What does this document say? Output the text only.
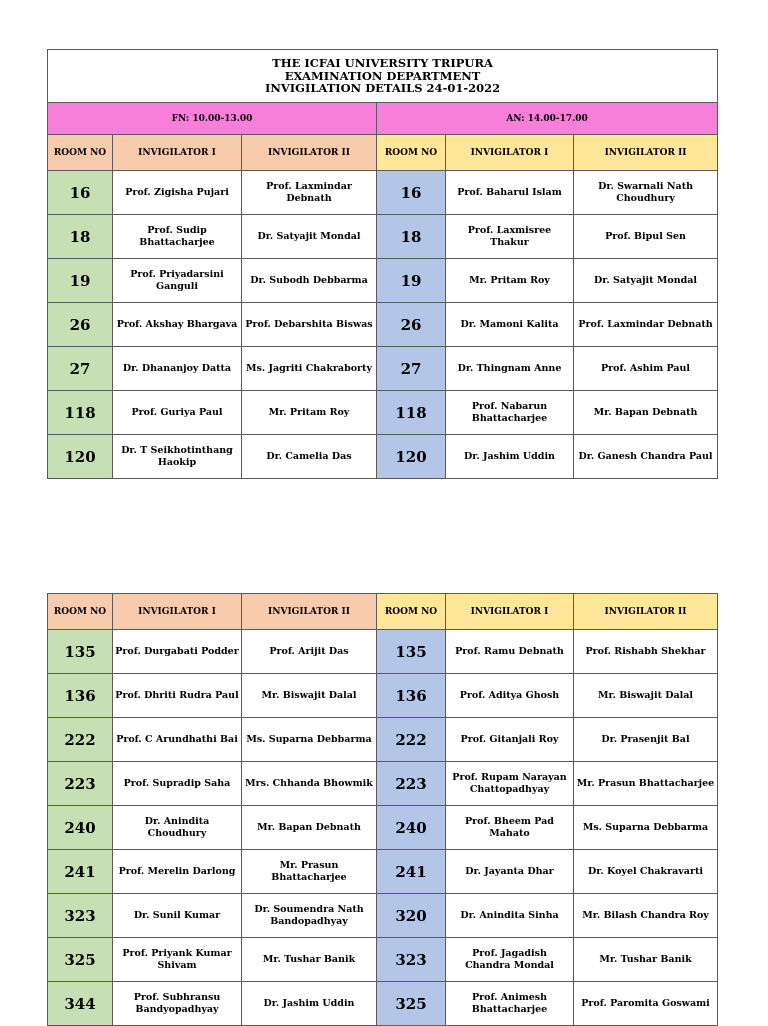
THE ICFAI UNIVERSITY TRIPURA
EXAMINATION DEPARTMENT
INVIGILATION DETAILS 24-01-2022					

FN: 10.00-13.00			AN: 14.00-17.00		
ROOM NO	INVIGILATOR I	INVIGILATOR II	ROOM NO	INVIGILATOR I	INVIGILATOR II
16	Prof. Zigisha Pujari	Prof. Laxmindar Debnath	16	Prof. Baharul Islam	Dr. Swarnali Nath Choudhury
18	Prof. Sudip Bhattacharjee	Dr. Satyajit Mondal	18	Prof. Laxmisree Thakur	Prof. Bipul Sen
19	Prof. Priyadarsini Ganguli	Dr. Subodh Debbarma	19	Mr. Pritam Roy	Dr. Satyajit Mondal
26	Prof. Akshay Bhargava	Prof. Debarshita Biswas	26	Dr. Mamoni Kalita	Prof. Laxmindar Debnath
27	Dr. Dhananjoy Datta	Ms. Jagriti Chakraborty	27	Dr. Thingnam Anne	Prof. Ashim Paul
118	Prof. Guriya Paul	Mr. Pritam Roy	118	Prof. Nabarun Bhattacharjee	Mr. Bapan Debnath
120	Dr. T Seikhotinthang Haokip	Dr. Camelia Das	120	Dr. Jashim Uddin	Dr. Ganesh Chandra Paul
ROOM NO	INVIGILATOR I	INVIGILATOR II	ROOM NO	INVIGILATOR I	INVIGILATOR II
135	Prof. Durgabati Podder	Prof. Arijit Das	135	Prof. Ramu Debnath	Prof. Rishabh Shekhar
136	Prof. Dhriti Rudra Paul	Mr. Biswajit Dalal	136	Prof. Aditya Ghosh	Mr. Biswajit Dalal
222	Prof. C Arundhathi Bai	Ms. Suparna Debbarma	222	Prof. Gitanjali Roy	Dr. Prasenjit Bal
223	Prof. Supradip Saha	Mrs. Chhanda Bhowmik	223	Prof. Rupam Narayan Chattopadhyay	Mr. Prasun Bhattacharjee
240	Dr. Anindita Choudhury	Mr. Bapan Debnath	240	Prof. Bheem Pad Mahato	Ms. Suparna Debbarma
241	Prof. Merelin Darlong	Mr. Prasun Bhattacharjee	241	Dr. Jayanta Dhar	Dr. Koyel Chakravarti
323	Dr. Sunil Kumar	Dr. Soumendra Nath Bandopadhyay	320	Dr. Anindita Sinha	Mr. Bilash Chandra Roy
325	Prof. Priyank Kumar Shivam	Mr. Tushar Banik	323	Prof. Jagadish Chandra Mondal	Mr. Tushar Banik
344	Prof. Subhransu Bandyopadhyay	Dr. Jashim Uddin	325	Prof. Animesh Bhattacharjee	Prof. Paromita Goswami
